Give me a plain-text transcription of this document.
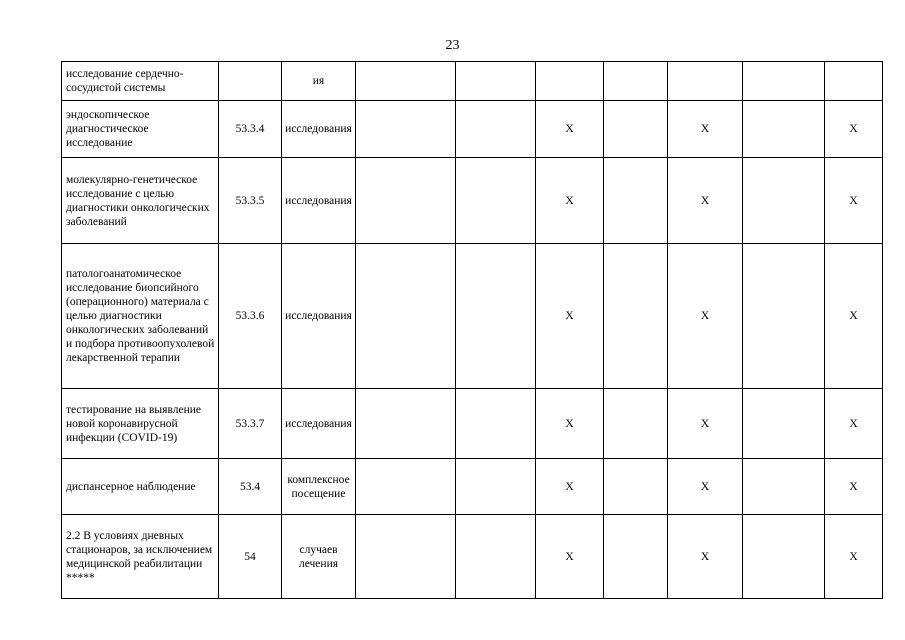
23
исследование сердечно-сосудистой системы		ия							
эндоскопическое диагностическое исследование	53.3.4	исследования			X		X		X
молекулярно-генетическое исследование с целью диагностики онкологических заболеваний	53.3.5	исследования			X		X		X
патологоанатомическое исследование биопсийного (операционного) материала с целью диагностики онкологических заболеваний и подбора противоопухолевой лекарственной терапии	53.3.6	исследования			X		X		X
тестирование на выявление новой коронавирусной инфекции (COVID-19)	53.3.7	исследования			X		X		X
диспансерное наблюдение	53.4	комплексное посещение			X		X		X
2.2 В условиях дневных стационаров, за исключением медицинской реабилитации *****	54	случаев лечения			X		X		X
